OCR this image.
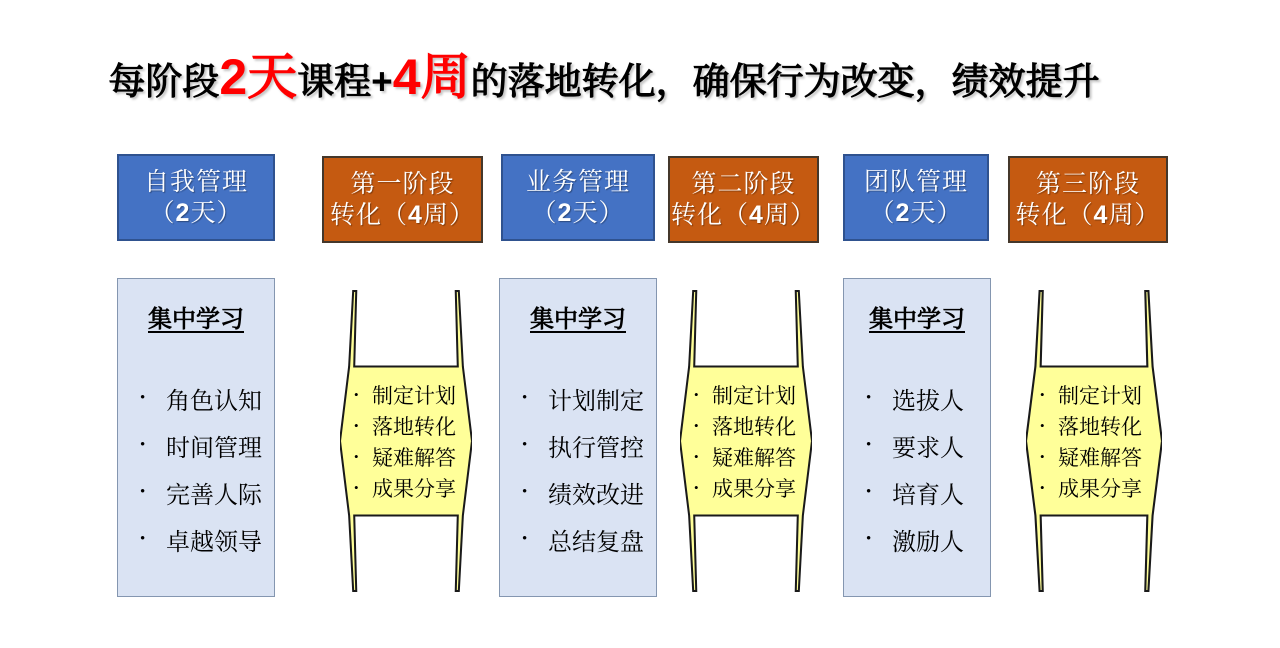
每阶段2天课程+4周的落地转化，确保行为改变，绩效提升
自我管理
（2天）
第一阶段
转化（4周）
业务管理
（2天）
第二阶段
转化（4周）
团队管理
（2天）
第三阶段
转化（4周）
集中学习
• 角色认知
• 时间管理
• 完善人际
• 卓越领导
• 制定计划
• 落地转化
• 疑难解答
• 成果分享
集中学习
• 计划制定
• 执行管控
• 绩效改进
• 总结复盘
• 制定计划
• 落地转化
• 疑难解答
• 成果分享
集中学习
• 选拔人
• 要求人
• 培育人
• 激励人
• 制定计划
• 落地转化
• 疑难解答
• 成果分享
